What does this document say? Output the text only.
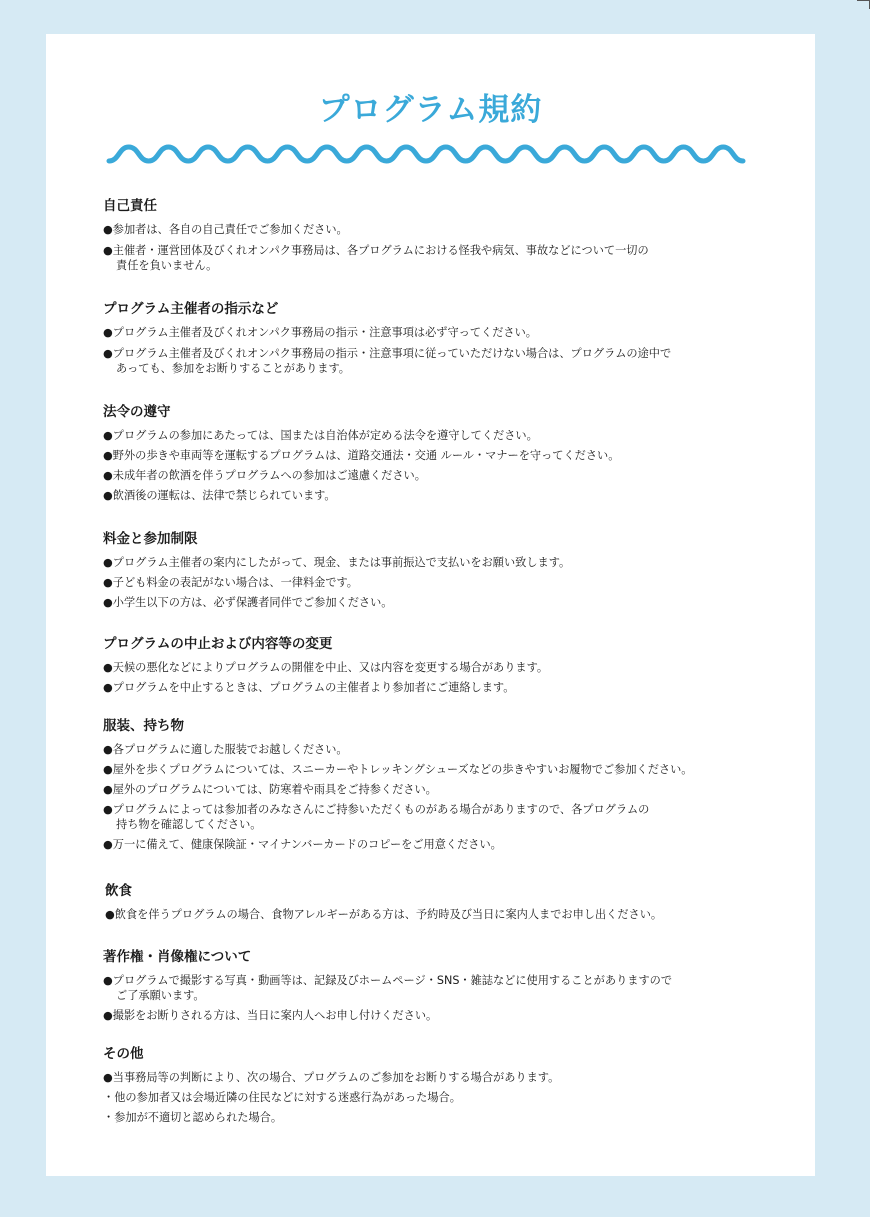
プログラム規約
自己責任

●参加者は、各自の自己責任でご参加ください。

●主催者・運営団体及びくれオンパク事務局は、各プログラムにおける怪我や病気、事故などについて一切の
責任を負いません。

プログラム主催者の指示など

●プログラム主催者及びくれオンパク事務局の指示・注意事項は必ず守ってください。

●プログラム主催者及びくれオンパク事務局の指示・注意事項に従っていただけない場合は、プログラムの途中で
あっても、参加をお断りすることがあります。

法令の遵守

●プログラムの参加にあたっては、国または自治体が定める法令を遵守してください。

●野外の歩きや車両等を運転するプログラムは、道路交通法・交通 ルール・マナーを守ってください。

●未成年者の飲酒を伴うプログラムへの参加はご遠慮ください。

●飲酒後の運転は、法律で禁じられています。

料金と参加制限

●プログラム主催者の案内にしたがって、現金、または事前振込で支払いをお願い致します。

●子ども料金の表記がない場合は、一律料金です。

●小学生以下の方は、必ず保護者同伴でご参加ください。

プログラムの中止および内容等の変更

●天候の悪化などによりプログラムの開催を中止、又は内容を変更する場合があります。

●プログラムを中止するときは、プログラムの主催者より参加者にご連絡します。

服装、持ち物

●各プログラムに適した服装でお越しください。

●屋外を歩くプログラムについては、スニーカーやトレッキングシューズなどの歩きやすいお履物でご参加ください。

●屋外のプログラムについては、防寒着や雨具をご持参ください。

●プログラムによっては参加者のみなさんにご持参いただくものがある場合がありますので、各プログラムの
持ち物を確認してください。

●万一に備えて、健康保険証・マイナンバーカードのコピーをご用意ください。

飲食

●飲食を伴うプログラムの場合、食物アレルギーがある方は、予約時及び当日に案内人までお申し出ください。

著作権・肖像権について

●プログラムで撮影する写真・動画等は、記録及びホームページ・SNS・雑誌などに使用することがありますので
ご了承願います。

●撮影をお断りされる方は、当日に案内人へお申し付けください。

その他

●当事務局等の判断により、次の場合、プログラムのご参加をお断りする場合があります。

・他の参加者又は会場近隣の住民などに対する迷惑行為があった場合。

・参加が不適切と認められた場合。
